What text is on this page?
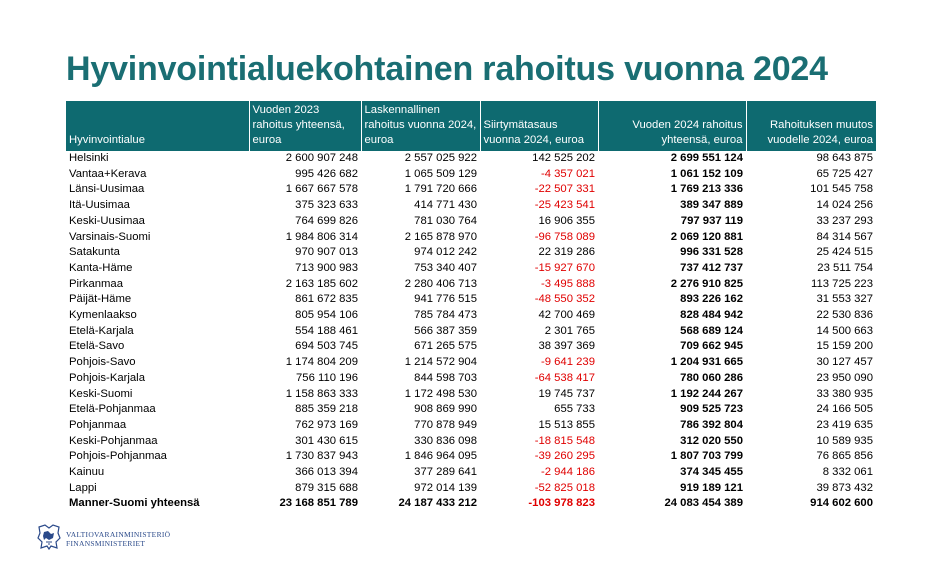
Hyvinvointialuekohtainen rahoitus vuonna 2024
Hyvinvointialue	Vuoden 2023 rahoitus yhteensä, euroa	Laskennallinen rahoitus vuonna 2024, euroa	Siirtymätasaus vuonna 2024, euroa	Vuoden 2024 rahoitus yhteensä, euroa	Rahoituksen muutos vuodelle 2024, euroa
Helsinki	2 600 907 248	2 557 025 922	142 525 202	2 699 551 124	98 643 875
Vantaa+Kerava	995 426 682	1 065 509 129	-4 357 021	1 061 152 109	65 725 427
Länsi-Uusimaa	1 667 667 578	1 791 720 666	-22 507 331	1 769 213 336	101 545 758
Itä-Uusimaa	375 323 633	414 771 430	-25 423 541	389 347 889	14 024 256
Keski-Uusimaa	764 699 826	781 030 764	16 906 355	797 937 119	33 237 293
Varsinais-Suomi	1 984 806 314	2 165 878 970	-96 758 089	2 069 120 881	84 314 567
Satakunta	970 907 013	974 012 242	22 319 286	996 331 528	25 424 515
Kanta-Häme	713 900 983	753 340 407	-15 927 670	737 412 737	23 511 754
Pirkanmaa	2 163 185 602	2 280 406 713	-3 495 888	2 276 910 825	113 725 223
Päijät-Häme	861 672 835	941 776 515	-48 550 352	893 226 162	31 553 327
Kymenlaakso	805 954 106	785 784 473	42 700 469	828 484 942	22 530 836
Etelä-Karjala	554 188 461	566 387 359	2 301 765	568 689 124	14 500 663
Etelä-Savo	694 503 745	671 265 575	38 397 369	709 662 945	15 159 200
Pohjois-Savo	1 174 804 209	1 214 572 904	-9 641 239	1 204 931 665	30 127 457
Pohjois-Karjala	756 110 196	844 598 703	-64 538 417	780 060 286	23 950 090
Keski-Suomi	1 158 863 333	1 172 498 530	19 745 737	1 192 244 267	33 380 935
Etelä-Pohjanmaa	885 359 218	908 869 990	655 733	909 525 723	24 166 505
Pohjanmaa	762 973 169	770 878 949	15 513 855	786 392 804	23 419 635
Keski-Pohjanmaa	301 430 615	330 836 098	-18 815 548	312 020 550	10 589 935
Pohjois-Pohjanmaa	1 730 837 943	1 846 964 095	-39 260 295	1 807 703 799	76 865 856
Kainuu	366 013 394	377 289 641	-2 944 186	374 345 455	8 332 061
Lappi	879 315 688	972 014 139	-52 825 018	919 189 121	39 873 432
Manner-Suomi yhteensä	23 168 851 789	24 187 433 212	-103 978 823	24 083 454 389	914 602 600
VALTIOVARAINMINISTERIÖ
FINANSMINISTERIET
